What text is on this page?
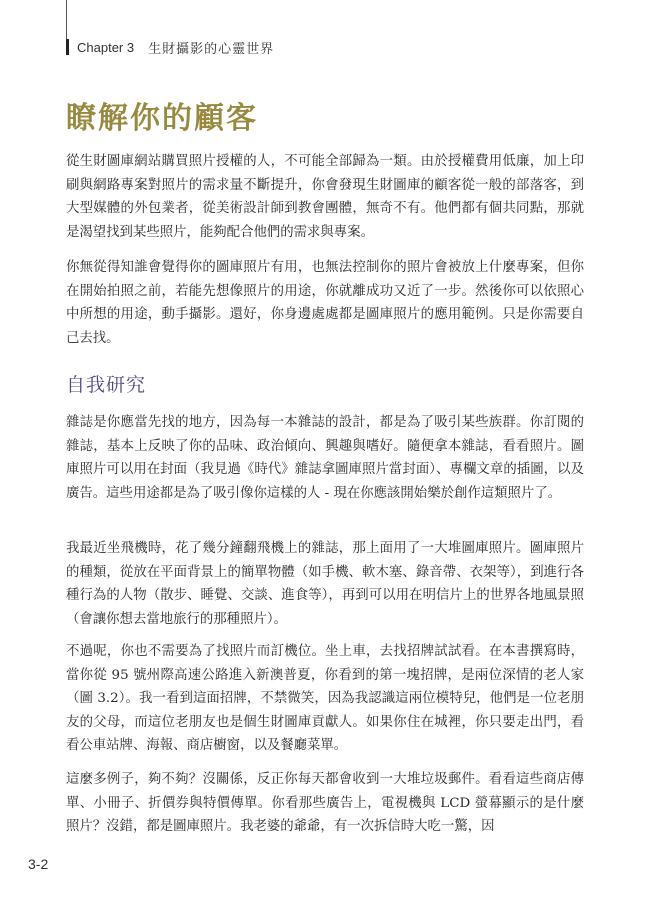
Chapter 3 生財攝影的心靈世界
瞭解你的顧客

從生財圖庫網站購買照片授權的人，不可能全部歸為一類。由於授權費用低廉，加上印刷與網路專案對照片的需求量不斷提升，你會發現生財圖庫的顧客從一般的部落客，到大型媒體的外包業者，從美術設計師到教會團體，無奇不有。他們都有個共同點，那就是渴望找到某些照片，能夠配合他們的需求與專案。

你無從得知誰會覺得你的圖庫照片有用，也無法控制你的照片會被放上什麼專案，但你在開始拍照之前，若能先想像照片的用途，你就離成功又近了一步。然後你可以依照心中所想的用途，動手攝影。還好，你身邊處處都是圖庫照片的應用範例。只是你需要自己去找。

自我研究

雜誌是你應當先找的地方，因為每一本雜誌的設計，都是為了吸引某些族群。你訂閱的雜誌，基本上反映了你的品味、政治傾向、興趣與嗜好。隨便拿本雜誌，看看照片。圖庫照片可以用在封面（我見過《時代》雜誌拿圖庫照片當封面）、專欄文章的插圖，以及廣告。這些用途都是為了吸引像你這樣的人 - 現在你應該開始樂於創作這類照片了。

我最近坐飛機時，花了幾分鐘翻飛機上的雜誌，那上面用了一大堆圖庫照片。圖庫照片的種類，從放在平面背景上的簡單物體（如手機、軟木塞、錄音帶、衣架等），到進行各種行為的人物（散步、睡覺、交談、進食等），再到可以用在明信片上的世界各地風景照（會讓你想去當地旅行的那種照片）。

不過呢，你也不需要為了找照片而訂機位。坐上車，去找招牌試試看。在本書撰寫時，當你從 95 號州際高速公路進入新澳普夏，你看到的第一塊招牌，是兩位深情的老人家（圖 3.2）。我一看到這面招牌，不禁微笑，因為我認識這兩位模特兒，他們是一位老朋友的父母，而這位老朋友也是個生財圖庫貢獻人。如果你住在城裡，你只要走出門，看看公車站牌、海報、商店櫥窗，以及餐廳菜單。

這麼多例子，夠不夠？沒關係，反正你每天都會收到一大堆垃圾郵件。看看這些商店傳單、小冊子、折價券與特價傳單。你看那些廣告上，電視機與 LCD 螢幕顯示的是什麼照片？沒錯，都是圖庫照片。我老婆的爺爺，有一次拆信時大吃一驚，因

3-2
